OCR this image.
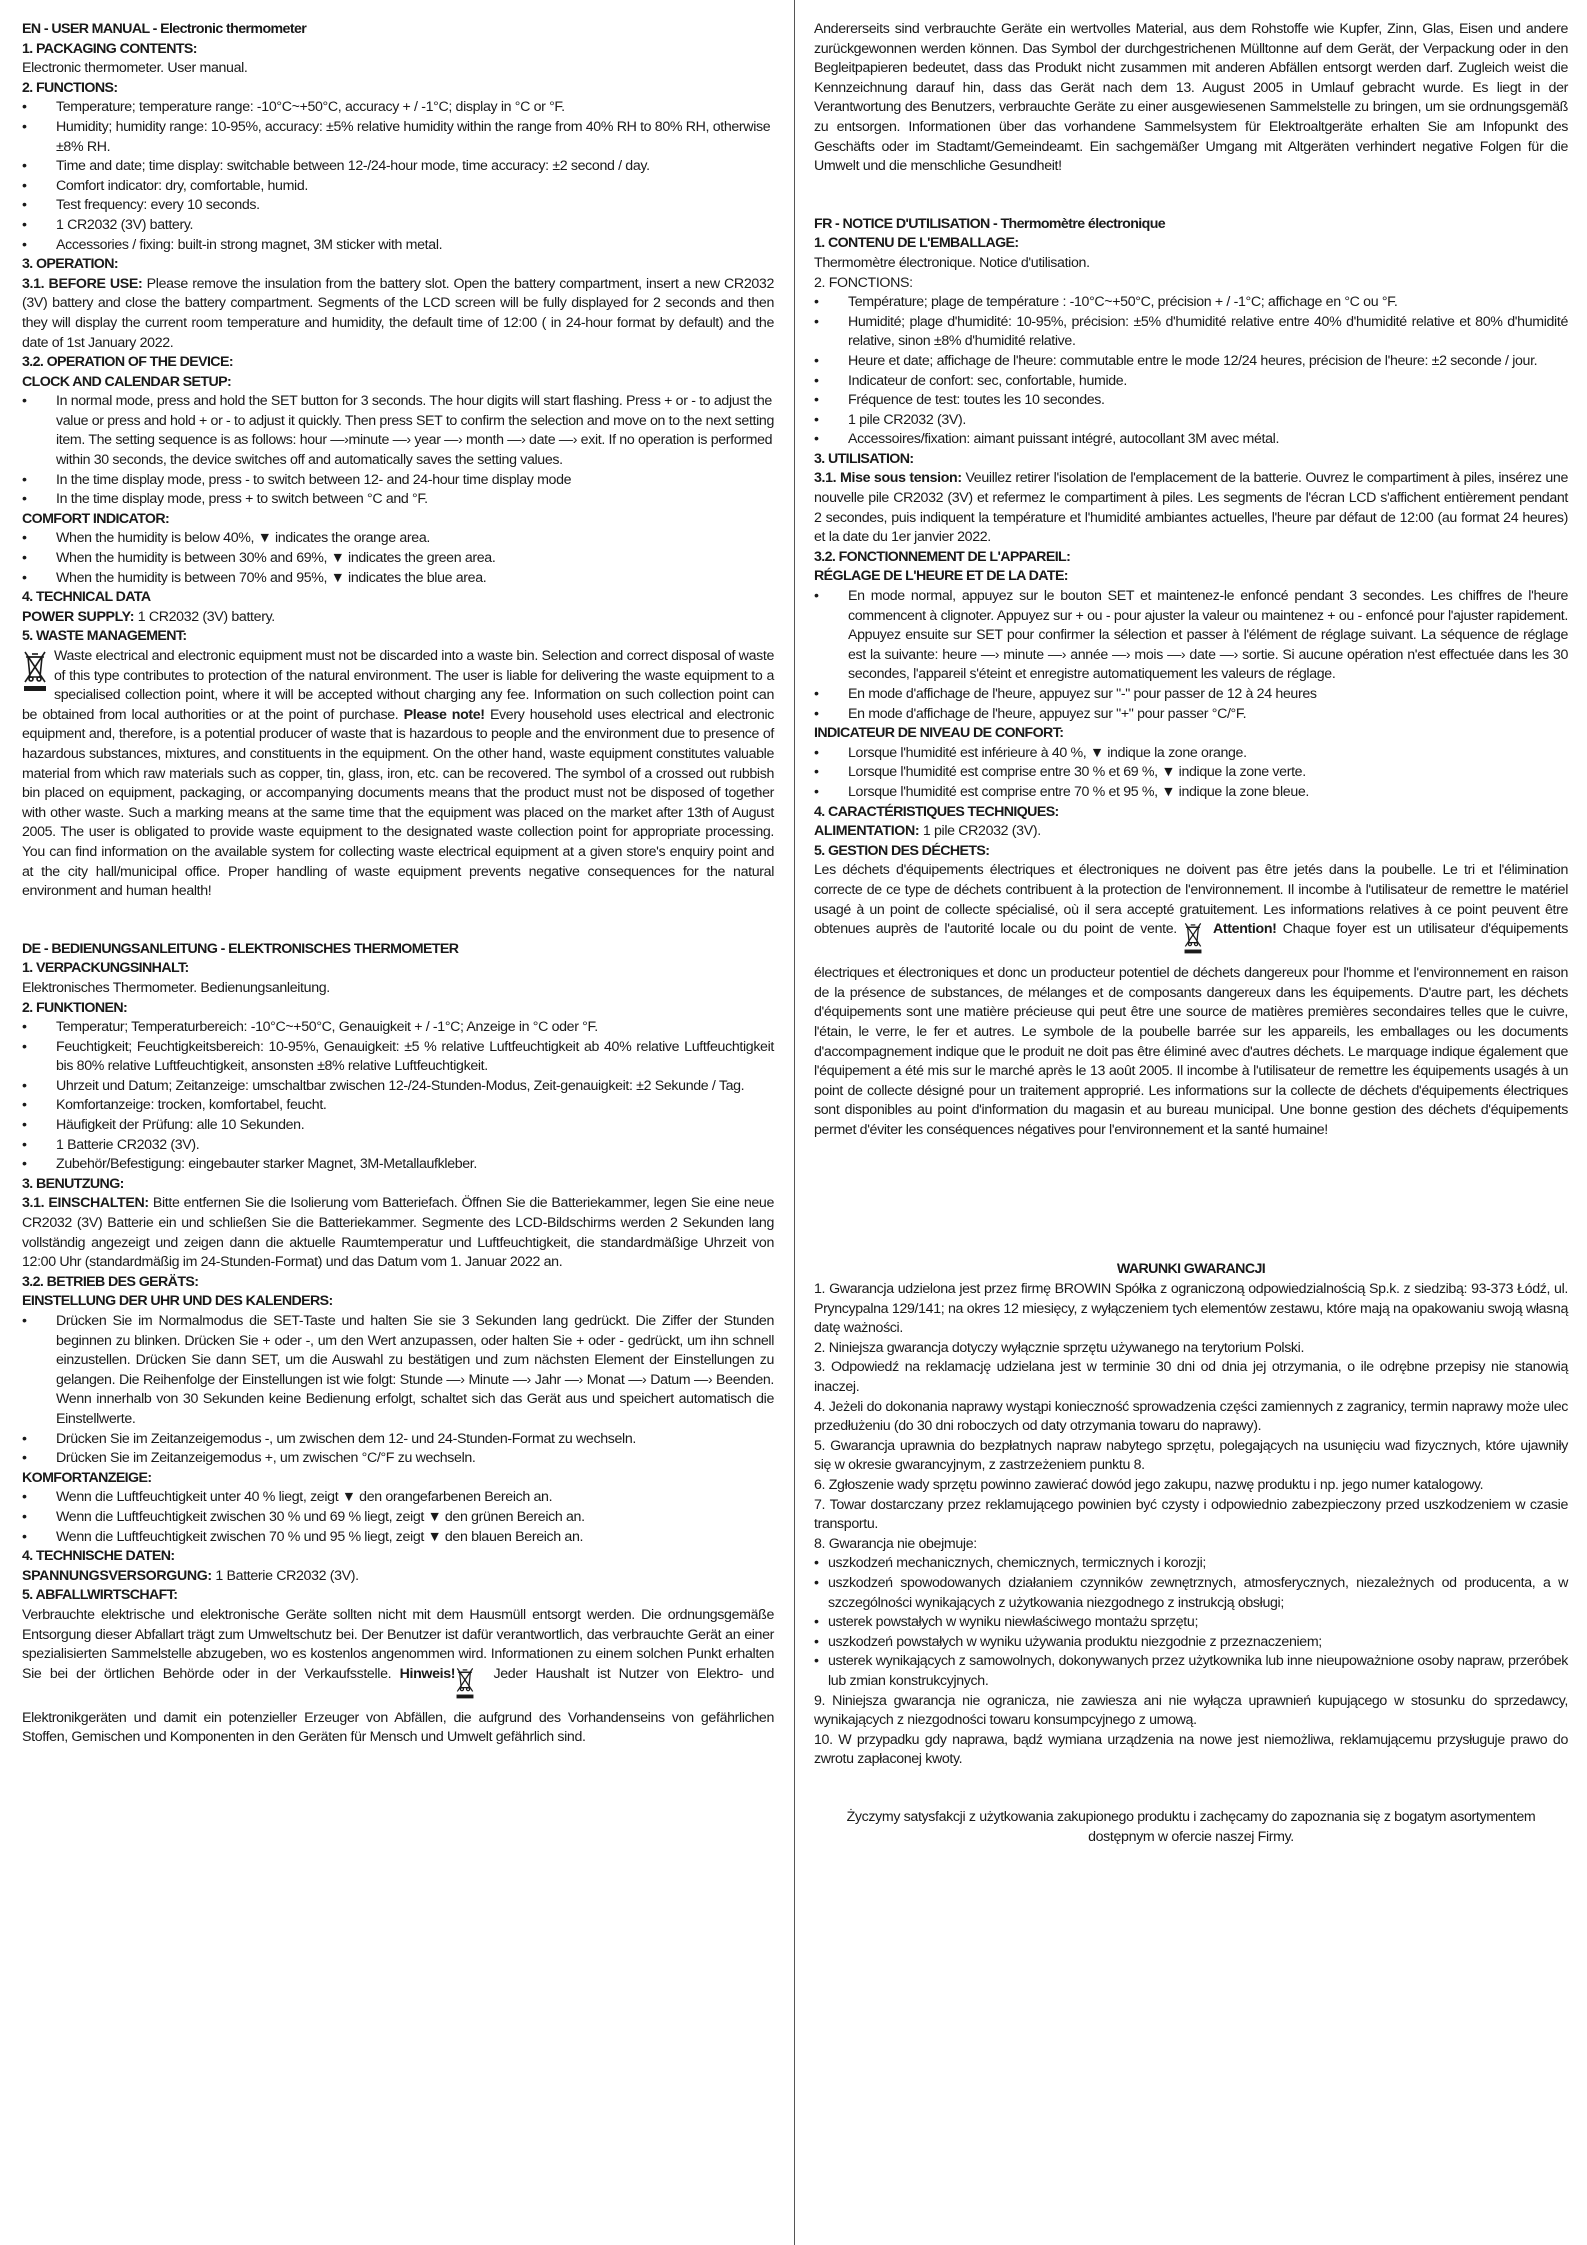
EN - USER MANUAL - Electronic thermometer

1. PACKAGING CONTENTS:

Electronic thermometer. User manual.

2. FUNCTIONS:

• Temperature; temperature range: -10°C~+50°C, accuracy + / -1°C; display in °C or °F.
• Humidity; humidity range: 10-95%, accuracy: ±5% relative humidity within the range from 40% RH to 80% RH, otherwise ±8% RH.
• Time and date; time display: switchable between 12-/24-hour mode, time accuracy: ±2 second / day.
• Comfort indicator: dry, comfortable, humid.
• Test frequency: every 10 seconds.
• 1 CR2032 (3V) battery.
• Accessories / fixing: built-in strong magnet, 3M sticker with metal.

3. OPERATION:

3.1. BEFORE USE: Please remove the insulation from the battery slot. Open the battery compartment, insert a new CR2032 (3V) battery and close the battery compartment. Segments of the LCD screen will be fully displayed for 2 seconds and then they will display the current room temperature and humidity, the default time of 12:00 ( in 24-hour format by default) and the date of 1st January 2022.

3.2. OPERATION OF THE DEVICE:

CLOCK AND CALENDAR SETUP:

• In normal mode, press and hold the SET button for 3 seconds. The hour digits will start flashing. Press + or - to adjust the value or press and hold + or - to adjust it quickly. Then press SET to confirm the selection and move on to the next setting item. The setting sequence is as follows: hour —›minute —› year —› month —› date —› exit. If no operation is performed within 30 seconds, the device switches off and automatically saves the setting values.
• In the time display mode, press - to switch between 12- and 24-hour time display mode
• In the time display mode, press + to switch between °C and °F.

COMFORT INDICATOR:

• When the humidity is below 40%, ▼ indicates the orange area.
• When the humidity is between 30% and 69%, ▼ indicates the green area.
• When the humidity is between 70% and 95%, ▼ indicates the blue area.

4. TECHNICAL DATA

POWER SUPPLY: 1 CR2032 (3V) battery.

5. WASTE MANAGEMENT:

Waste electrical and electronic equipment must not be discarded into a waste bin. Selection and correct disposal of waste of this type contributes to protection of the natural environment. The user is liable for delivering the waste equipment to a specialised collection point, where it will be accepted without charging any fee. Information on such collection point can be obtained from local authorities or at the point of purchase. Please note! Every household uses electrical and electronic equipment and, therefore, is a potential producer of waste that is hazardous to people and the environment due to presence of hazardous substances, mixtures, and constituents in the equipment. On the other hand, waste equipment constitutes valuable material from which raw materials such as copper, tin, glass, iron, etc. can be recovered. The symbol of a crossed out rubbish bin placed on equipment, packaging, or accompanying documents means that the product must not be disposed of together with other waste. Such a marking means at the same time that the equipment was placed on the market after 13th of August 2005. The user is obligated to provide waste equipment to the designated waste collection point for appropriate processing. You can find information on the available system for collecting waste electrical equipment at a given store's enquiry point and at the city hall/municipal office. Proper handling of waste equipment prevents negative consequences for the natural environment and human health!

DE - BEDIENUNGSANLEITUNG - ELEKTRONISCHES THERMOMETER

1. VERPACKUNGSINHALT:

Elektronisches Thermometer. Bedienungsanleitung.

2. FUNKTIONEN:

• Temperatur; Temperaturbereich: -10°C~+50°C, Genauigkeit + / -1°C; Anzeige in °C oder °F.
• Feuchtigkeit; Feuchtigkeitsbereich: 10-95%, Genauigkeit: ±5 % relative Luftfeuchtigkeit ab 40% relative Luftfeuchtigkeit bis 80% relative Luftfeuchtigkeit, ansonsten ±8% relative Luftfeuchtigkeit.
• Uhrzeit und Datum; Zeitanzeige: umschaltbar zwischen 12-/24-Stunden-Modus, Zeit-genauigkeit: ±2 Sekunde / Tag.
• Komfortanzeige: trocken, komfortabel, feucht.
• Häufigkeit der Prüfung: alle 10 Sekunden.
• 1 Batterie CR2032 (3V).
• Zubehör/Befestigung: eingebauter starker Magnet, 3M-Metallaufkleber.

3. BENUTZUNG:

3.1. EINSCHALTEN: Bitte entfernen Sie die Isolierung vom Batteriefach. Öffnen Sie die Batteriekammer, legen Sie eine neue CR2032 (3V) Batterie ein und schließen Sie die Batteriekammer. Segmente des LCD-Bildschirms werden 2 Sekunden lang vollständig angezeigt und zeigen dann die aktuelle Raumtemperatur und Luftfeuchtigkeit, die standardmäßige Uhrzeit von 12:00 Uhr (standardmäßig im 24-Stunden-Format) und das Datum vom 1. Januar 2022 an.

3.2. BETRIEB DES GERÄTS:

EINSTELLUNG DER UHR UND DES KALENDERS:

• Drücken Sie im Normalmodus die SET-Taste und halten Sie sie 3 Sekunden lang gedrückt. Die Ziffer der Stunden beginnen zu blinken. Drücken Sie + oder -, um den Wert anzupassen, oder halten Sie + oder - gedrückt, um ihn schnell einzustellen. Drücken Sie dann SET, um die Auswahl zu bestätigen und zum nächsten Element der Einstellungen zu gelangen. Die Reihenfolge der Einstellungen ist wie folgt: Stunde —› Minute —› Jahr —› Monat —› Datum —› Beenden. Wenn innerhalb von 30 Sekunden keine Bedienung erfolgt, schaltet sich das Gerät aus und speichert automatisch die Einstellwerte.
• Drücken Sie im Zeitanzeigemodus -, um zwischen dem 12- und 24-Stunden-Format zu wechseln.
• Drücken Sie im Zeitanzeigemodus +, um zwischen °C/°F zu wechseln.

KOMFORTANZEIGE:

• Wenn die Luftfeuchtigkeit unter 40 % liegt, zeigt ▼ den orangefarbenen Bereich an.
• Wenn die Luftfeuchtigkeit zwischen 30 % und 69 % liegt, zeigt ▼ den grünen Bereich an.
• Wenn die Luftfeuchtigkeit zwischen 70 % und 95 % liegt, zeigt ▼ den blauen Bereich an.

4. TECHNISCHE DATEN:

SPANNUNGSVERSORGUNG: 1 Batterie CR2032 (3V).

5. ABFALLWIRTSCHAFT:

Verbrauchte elektrische und elektronische Geräte sollten nicht mit dem Hausmüll entsorgt werden. Die ordnungsgemäße Entsorgung dieser Abfallart trägt zum Umweltschutz bei. Der Benutzer ist dafür verantwortlich, das verbrauchte Gerät an einer spezialisierten Sammelstelle abzugeben, wo es kostenlos angenommen wird. Informationen zu einem solchen Punkt erhalten Sie bei der örtlichen Behörde oder in der Verkaufsstelle. Hinweis!
Jeder Haushalt ist Nutzer von Elektro- und Elektronikgeräten und damit ein potenzieller Erzeuger von Abfällen, die aufgrund des Vorhandenseins von gefährlichen Stoffen, Gemischen und Komponenten in den Geräten für Mensch und Umwelt gefährlich sind.

Andererseits sind verbrauchte Geräte ein wertvolles Material, aus dem Rohstoffe wie Kupfer, Zinn, Glas, Eisen und andere zurückgewonnen werden können. Das Symbol der durchgestrichenen Mülltonne auf dem Gerät, der Verpackung oder in den Begleitpapieren bedeutet, dass das Produkt nicht zusammen mit anderen Abfällen entsorgt werden darf. Zugleich weist die Kennzeichnung darauf hin, dass das Gerät nach dem 13. August 2005 in Umlauf gebracht wurde. Es liegt in der Verantwortung des Benutzers, verbrauchte Geräte zu einer ausgewiesenen Sammelstelle zu bringen, um sie ordnungsgemäß zu entsorgen. Informationen über das vorhandene Sammelsystem für Elektroaltgeräte erhalten Sie am Infopunkt des Geschäfts oder im Stadtamt/Gemeindeamt. Ein sachgemäßer Umgang mit Altgeräten verhindert negative Folgen für die Umwelt und die menschliche Gesundheit!

FR - NOTICE D'UTILISATION - Thermomètre électronique

1. CONTENU DE L'EMBALLAGE:

Thermomètre électronique. Notice d'utilisation.

2. FONCTIONS:

• Température; plage de température : -10°C~+50°C, précision + / -1°C; affichage en °C ou °F.
• Humidité; plage d'humidité: 10-95%, précision: ±5% d'humidité relative entre 40% d'humidité relative et 80% d'humidité relative, sinon ±8% d'humidité relative.
• Heure et date; affichage de l'heure: commutable entre le mode 12/24 heures, précision de l'heure: ±2 seconde / jour.
• Indicateur de confort: sec, confortable, humide.
• Fréquence de test: toutes les 10 secondes.
• 1 pile CR2032 (3V).
• Accessoires/fixation: aimant puissant intégré, autocollant 3M avec métal.

3. UTILISATION:

3.1. Mise sous tension: Veuillez retirer l'isolation de l'emplacement de la batterie. Ouvrez le compartiment à piles, insérez une nouvelle pile CR2032 (3V) et refermez le compartiment à piles. Les segments de l'écran LCD s'affichent entièrement pendant 2 secondes, puis indiquent la température et l'humidité ambiantes actuelles, l'heure par défaut de 12:00 (au format 24 heures) et la date du 1er janvier 2022.

3.2. FONCTIONNEMENT DE L'APPAREIL:

RÉGLAGE DE L'HEURE ET DE LA DATE:

• En mode normal, appuyez sur le bouton SET et maintenez-le enfoncé pendant 3 secondes. Les chiffres de l'heure commencent à clignoter. Appuyez sur + ou - pour ajuster la valeur ou maintenez + ou - enfoncé pour l'ajuster rapidement. Appuyez ensuite sur SET pour confirmer la sélection et passer à l'élément de réglage suivant. La séquence de réglage est la suivante: heure —› minute —› année —› mois —› date —› sortie. Si aucune opération n'est effectuée dans les 30 secondes, l'appareil s'éteint et enregistre automatiquement les valeurs de réglage.
• En mode d'affichage de l'heure, appuyez sur "-" pour passer de 12 à 24 heures
• En mode d'affichage de l'heure, appuyez sur "+" pour passer °C/°F.

INDICATEUR DE NIVEAU DE CONFORT:

• Lorsque l'humidité est inférieure à 40 %, ▼ indique la zone orange.
• Lorsque l'humidité est comprise entre 30 % et 69 %, ▼ indique la zone verte.
• Lorsque l'humidité est comprise entre 70 % et 95 %, ▼ indique la zone bleue.

4. CARACTÉRISTIQUES TECHNIQUES:

ALIMENTATION: 1 pile CR2032 (3V).

5. GESTION DES DÉCHETS:

Les déchets d'équipements électriques et électroniques ne doivent pas être jetés dans la poubelle. Le tri et l'élimination correcte de ce type de déchets contribuent à la protection de l'environnement. Il incombe à l'utilisateur de remettre le matériel usagé à un point de collecte spécialisé, où il sera accepté gratuitement. Les informations relatives à ce point peuvent être obtenues auprès de l'autorité locale ou du point de vente.
Attention! Chaque foyer est un utilisateur d'équipements électriques et électroniques et donc un producteur potentiel de déchets dangereux pour l'homme et l'environnement en raison de la présence de substances, de mélanges et de composants dangereux dans les équipements. D'autre part, les déchets d'équipements sont une matière précieuse qui peut être une source de matières premières secondaires telles que le cuivre, l'étain, le verre, le fer et autres. Le symbole de la poubelle barrée sur les appareils, les emballages ou les documents d'accompagnement indique que le produit ne doit pas être éliminé avec d'autres déchets. Le marquage indique également que l'équipement a été mis sur le marché après le 13 août 2005. Il incombe à l'utilisateur de remettre les équipements usagés à un point de collecte désigné pour un traitement approprié. Les informations sur la collecte de déchets d'équipements électriques sont disponibles au point d'information du magasin et au bureau municipal. Une bonne gestion des déchets d'équipements permet d'éviter les conséquences négatives pour l'environnement et la santé humaine!

WARUNKI GWARANCJI

1. Gwarancja udzielona jest przez firmę BROWIN Spółka z ograniczoną odpowiedzialnością Sp.k. z siedzibą: 93-373 Łódź, ul. Pryncypalna 129/141; na okres 12 miesięcy, z wyłączeniem tych elementów zestawu, które mają na opakowaniu swoją własną datę ważności.

2. Niniejsza gwarancja dotyczy wyłącznie sprzętu używanego na terytorium Polski.

3. Odpowiedź na reklamację udzielana jest w terminie 30 dni od dnia jej otrzymania, o ile odrębne przepisy nie stanowią inaczej.

4. Jeżeli do dokonania naprawy wystąpi konieczność sprowadzenia części zamiennych z zagranicy, termin naprawy może ulec przedłużeniu (do 30 dni roboczych od daty otrzymania towaru do naprawy).

5. Gwarancja uprawnia do bezpłatnych napraw nabytego sprzętu, polegających na usunięciu wad fizycznych, które ujawniły się w okresie gwarancyjnym, z zastrzeżeniem punktu 8.

6. Zgłoszenie wady sprzętu powinno zawierać dowód jego zakupu, nazwę produktu i np. jego numer katalogowy.

7. Towar dostarczany przez reklamującego powinien być czysty i odpowiednio zabezpieczony przed uszkodzeniem w czasie transportu.

8. Gwarancja nie obejmuje:

• uszkodzeń mechanicznych, chemicznych, termicznych i korozji;
• uszkodzeń spowodowanych działaniem czynników zewnętrznych, atmosferycznych, niezależnych od producenta, a w szczególności wynikających z użytkowania niezgodnego z instrukcją obsługi;
• usterek powstałych w wyniku niewłaściwego montażu sprzętu;
• uszkodzeń powstałych w wyniku używania produktu niezgodnie z przeznaczeniem;
• usterek wynikających z samowolnych, dokonywanych przez użytkownika lub inne nieupoważnione osoby napraw, przeróbek lub zmian konstrukcyjnych.

9. Niniejsza gwarancja nie ogranicza, nie zawiesza ani nie wyłącza uprawnień kupującego w stosunku do sprzedawcy, wynikających z niezgodności towaru konsumpcyjnego z umową.

10. W przypadku gdy naprawa, bądź wymiana urządzenia na nowe jest niemożliwa, reklamującemu przysługuje prawo do zwrotu zapłaconej kwoty.

Życzymy satysfakcji z użytkowania zakupionego produktu i zachęcamy do zapoznania się z bogatym asortymentem dostępnym w ofercie naszej Firmy.
